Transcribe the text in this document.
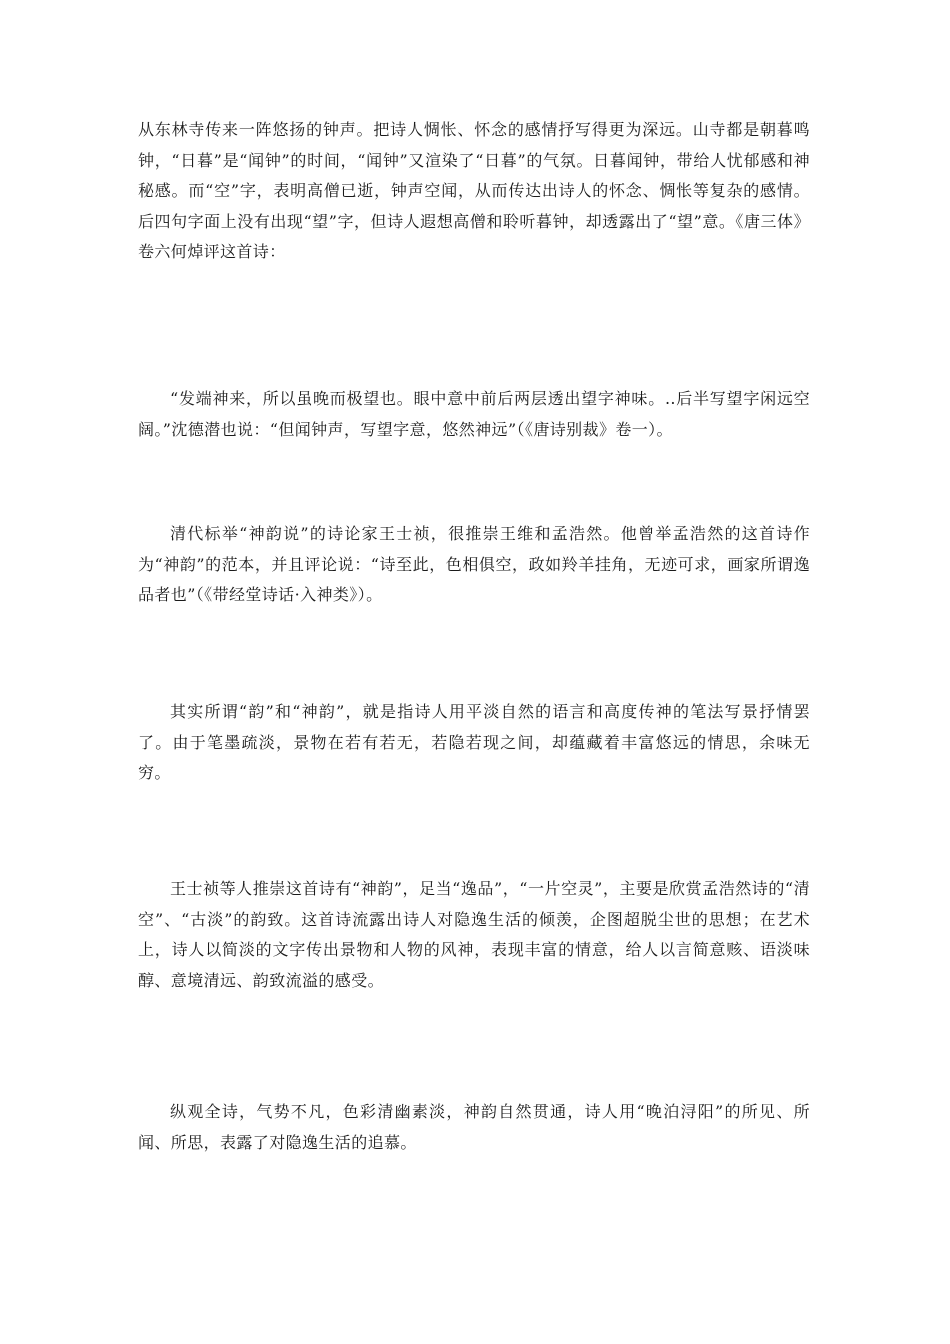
从东林寺传来一阵悠扬的钟声。把诗人惆怅、怀念的感情抒写得更为深远。山寺都是朝暮鸣钟，“日暮”是“闻钟”的时间，“闻钟”又渲染了“日暮”的气氛。日暮闻钟，带给人忧郁感和神秘感。而“空”字，表明高僧已逝，钟声空闻，从而传达出诗人的怀念、惆怅等复杂的感情。后四句字面上没有出现“望”字，但诗人遐想高僧和聆听暮钟，却透露出了“望”意。《唐三体》卷六何焯评这首诗：

“发端神来，所以虽晚而极望也。眼中意中前后两层透出望字神味。..后半写望字闲远空阔。”沈德潜也说：“但闻钟声，写望字意，悠然神远”（《唐诗别裁》卷一）。

清代标举“神韵说”的诗论家王士祯，很推崇王维和孟浩然。他曾举孟浩然的这首诗作为“神韵”的范本，并且评论说：“诗至此，色相俱空，政如羚羊挂角，无迹可求，画家所谓逸品者也”（《带经堂诗话·入神类》）。

其实所谓“韵”和“神韵”，就是指诗人用平淡自然的语言和高度传神的笔法写景抒情罢了。由于笔墨疏淡，景物在若有若无，若隐若现之间，却蕴藏着丰富悠远的情思，余味无穷。

王士祯等人推崇这首诗有“神韵”，足当“逸品”，“一片空灵”，主要是欣赏孟浩然诗的“清空”、“古淡”的韵致。这首诗流露出诗人对隐逸生活的倾羡，企图超脱尘世的思想；在艺术上，诗人以简淡的文字传出景物和人物的风神，表现丰富的情意，给人以言简意赅、语淡味醇、意境清远、韵致流溢的感受。

纵观全诗，气势不凡，色彩清幽素淡，神韵自然贯通，诗人用“晚泊浔阳”的所见、所闻、所思，表露了对隐逸生活的追慕。
